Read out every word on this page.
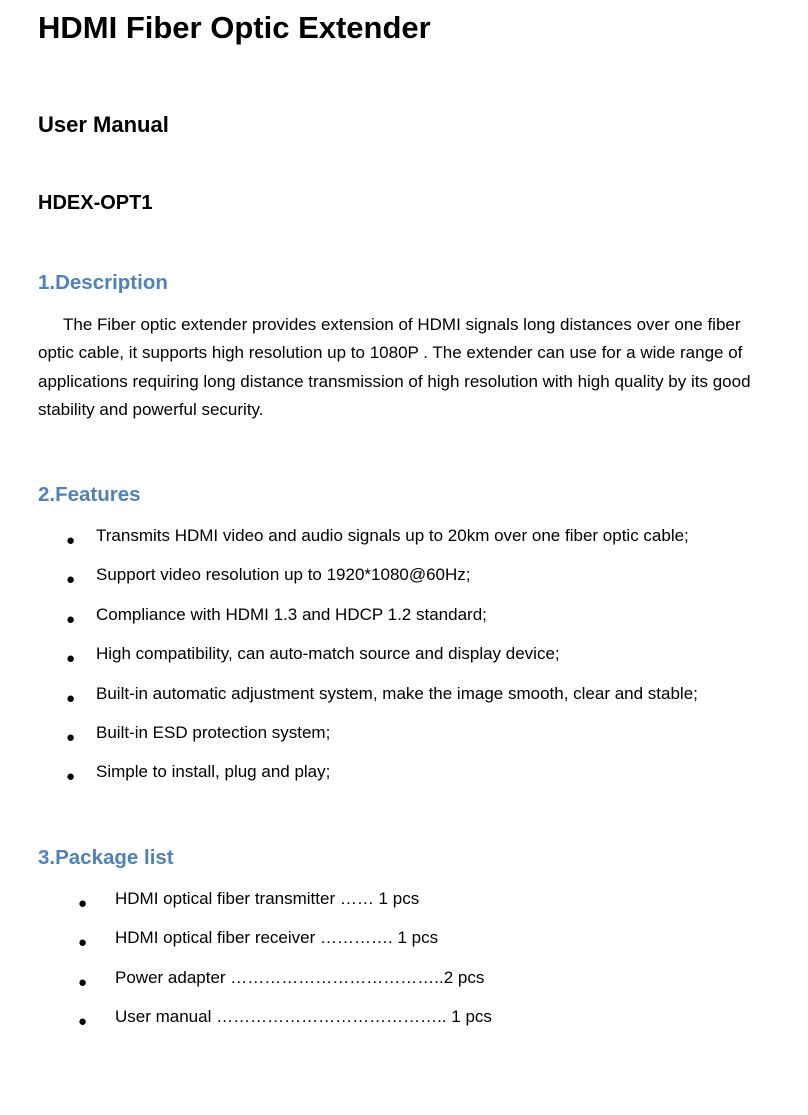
HDMI Fiber Optic Extender
User Manual
HDEX-OPT1
1.Description

The Fiber optic extender provides extension of HDMI signals long distances over one fiber optic cable, it supports high resolution up to 1080P . The extender can use for a wide range of applications requiring long distance transmission of high resolution with high quality by its good stability and powerful security.

2.Features
● Transmits HDMI video and audio signals up to 20km over one fiber optic cable;
● Support video resolution up to 1920*1080@60Hz;
● Compliance with HDMI 1.3 and HDCP 1.2 standard;
● High compatibility, can auto-match source and display device;
● Built-in automatic adjustment system, make the image smooth, clear and stable;
● Built-in ESD protection system;
● Simple to install, plug and play;
3.Package list
● HDMI optical fiber transmitter …… 1 pcs
● HDMI optical fiber receiver …………. 1 pcs
● Power adapter ………………………………..2 pcs
● User manual ………………………………….. 1 pcs
